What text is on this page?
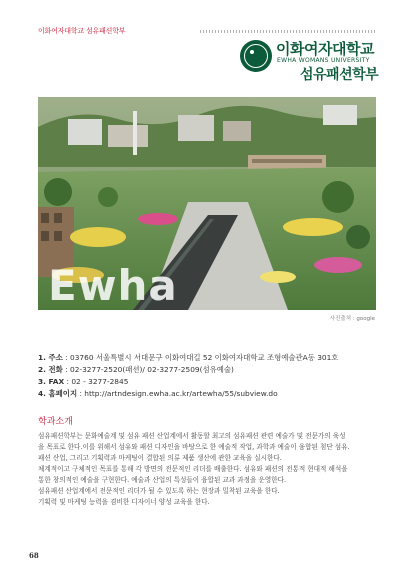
이화여자대학교 섬유패션학부
이화여자대학교
EWHA WOMANS UNIVERSITY
섬유패션학부
Ewha
사진출처 : google
1. 주소 : 03760 서울특별시 서대문구 이화여대길 52 이화여자대학교 조형예술관A동 301호
2. 전화 : 02-3277-2520(패션)/ 02-3277-2509(섬유예술)
3. FAX : 02 - 3277-2845
4. 홈페이지 : http://artndesign.ewha.ac.kr/artewha/55/subview.do
학과소개

섬유패션학부는 문화예술계 및 섬유 패션 산업계에서 활동할 최고의 섬유패션 관련 예술가 및 전문가의 육성

을 목표로 한다.이를 위해서 섬유와 패션 디자인을 바탕으로 한 예술적 작업, 과학과 예술이 융합된 첨단 섬유.

패션 산업, 그리고 기획력과 마케팅이 결합된 의류 제품 생산에 관한 교육을 실시한다.

체계적이고 구체적인 목표를 통해 각 방면의 전문적인 리더를 배출한다. 섬유와 패션의 전통적 현대적 해석을

통한 창의적인 예술을 구현한다. 예술과 산업의 특성들이 융합된 교과 과정을 운영한다.

섬유패션 산업계에서 전문적인 리더가 될 수 있도록 하는 현장과 밀착된 교육을 한다.

기획력 및 마케팅 능력을 겸비한 디자이너 양성 교육을 한다.

68
